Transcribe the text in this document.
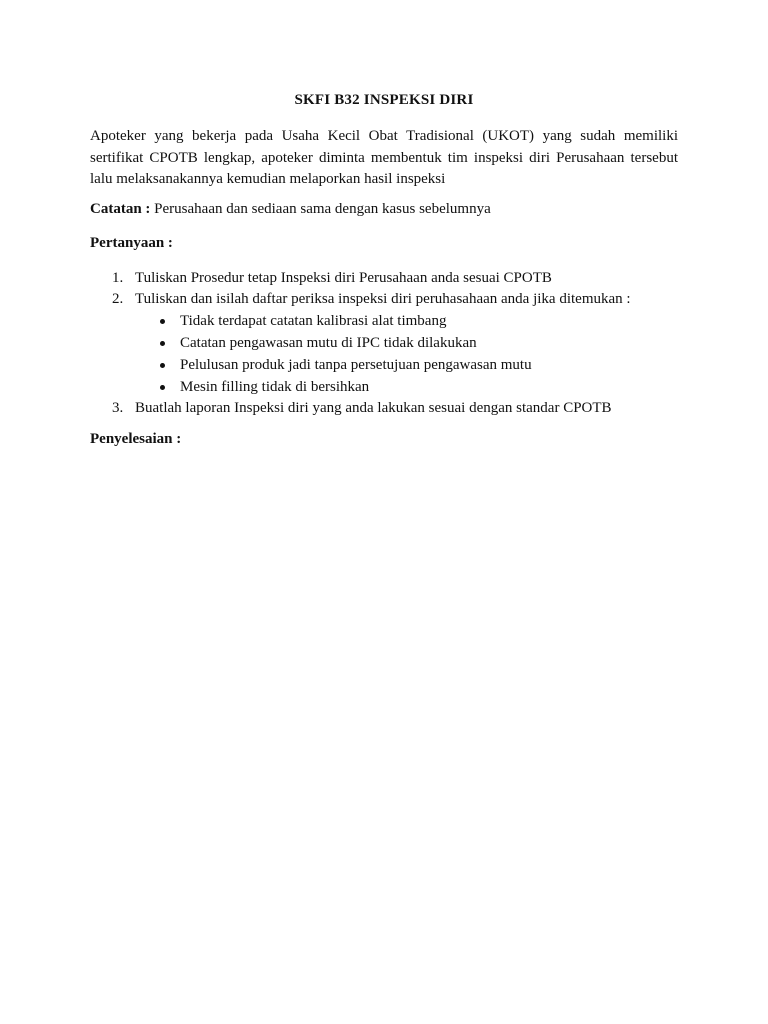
SKFI B32 INSPEKSI DIRI
Apoteker yang bekerja pada Usaha Kecil Obat Tradisional (UKOT) yang sudah memiliki
sertifikat CPOTB lengkap, apoteker diminta membentuk tim inspeksi diri Perusahaan tersebut
lalu melaksanakannya kemudian melaporkan hasil inspeksi
Catatan : Perusahaan dan sediaan sama dengan kasus sebelumnya
Pertanyaan :
1. Tuliskan Prosedur tetap Inspeksi diri Perusahaan anda sesuai CPOTB
2. Tuliskan dan isilah daftar periksa inspeksi diri peruhasahaan anda jika ditemukan :
Tidak terdapat catatan kalibrasi alat timbang
Catatan pengawasan mutu di IPC tidak dilakukan
Pelulusan produk jadi tanpa persetujuan pengawasan mutu
Mesin filling tidak di bersihkan
3. Buatlah laporan Inspeksi diri yang anda lakukan sesuai dengan standar CPOTB
Penyelesaian :
